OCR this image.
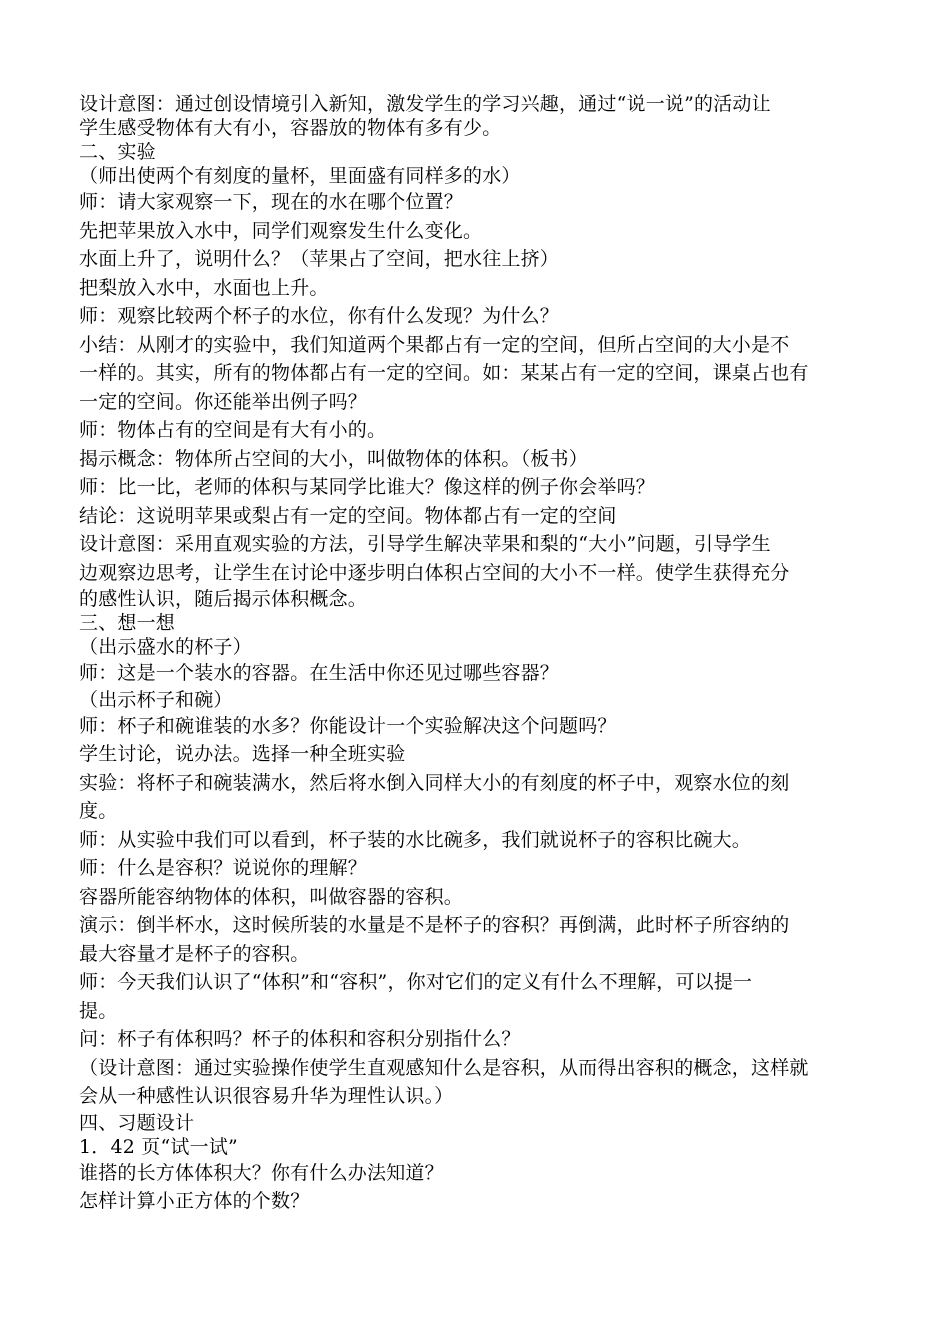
设计意图：通过创设情境引入新知，激发学生的学习兴趣，通过“说一说”的活动让

学生感受物体有大有小，容器放的物体有多有少。

二、实验

（师出使两个有刻度的量杯，里面盛有同样多的水）

师：请大家观察一下，现在的水在哪个位置？

先把苹果放入水中，同学们观察发生什么变化。

水面上升了，说明什么？（苹果占了空间，把水往上挤）

把梨放入水中，水面也上升。

师：观察比较两个杯子的水位，你有什么发现？为什么？

小结：从刚才的实验中，我们知道两个果都占有一定的空间，但所占空间的大小是不

一样的。其实，所有的物体都占有一定的空间。如：某某占有一定的空间，课桌占也有

一定的空间。你还能举出例子吗？

师：物体占有的空间是有大有小的。

揭示概念：物体所占空间的大小，叫做物体的体积。（板书）

师：比一比，老师的体积与某同学比谁大？像这样的例子你会举吗？

结论：这说明苹果或梨占有一定的空间。物体都占有一定的空间

设计意图：采用直观实验的方法，引导学生解决苹果和梨的“大小”问题，引导学生

边观察边思考，让学生在讨论中逐步明白体积占空间的大小不一样。使学生获得充分

的感性认识，随后揭示体积概念。

三、想一想

（出示盛水的杯子）

师：这是一个装水的容器。在生活中你还见过哪些容器？

（出示杯子和碗）

师：杯子和碗谁装的水多？你能设计一个实验解决这个问题吗？

学生讨论，说办法。选择一种全班实验

实验：将杯子和碗装满水，然后将水倒入同样大小的有刻度的杯子中，观察水位的刻

度。

师：从实验中我们可以看到，杯子装的水比碗多，我们就说杯子的容积比碗大。

师：什么是容积？说说你的理解？

容器所能容纳物体的体积，叫做容器的容积。

演示：倒半杯水，这时候所装的水量是不是杯子的容积？再倒满，此时杯子所容纳的

最大容量才是杯子的容积。

师：今天我们认识了“体积”和“容积”，你对它们的定义有什么不理解，可以提一

提。

问：杯子有体积吗？杯子的体积和容积分别指什么？

（设计意图：通过实验操作使学生直观感知什么是容积，从而得出容积的概念，这样就

会从一种感性认识很容易升华为理性认识。）

四、习题设计

1．42 页“试一试”

谁搭的长方体体积大？你有什么办法知道？

怎样计算小正方体的个数？
